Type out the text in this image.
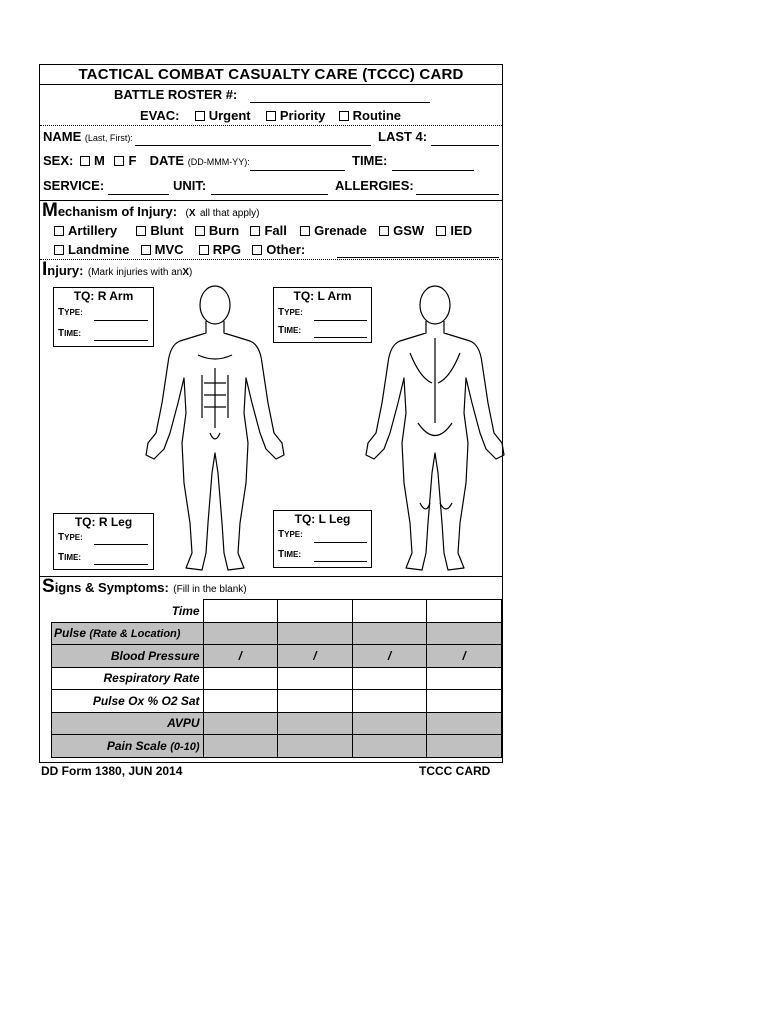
TACTICAL COMBAT CASUALTY CARE (TCCC) CARD
BATTLE ROSTER #:
EVAC: Urgent Priority Routine
NAME (Last, First):	LAST 4:
SEX: M F DATE (DD-MMM-YY):	TIME:
SERVICE:	UNIT:	ALLERGIES:
Mechanism of Injury: (X all that apply)
Artillery	Blunt Burn Fall Grenade GSW IED
Landmine MVC RPG Other:
Injury: (Mark injuries with anX)
TQ: R Arm
TYPE:
TIME:
TQ: L Arm
TYPE:
TIME:
TQ: R Leg
TYPE:
TIME:
TQ: L Leg
TYPE:
TIME:
Signs & Symptoms: (Fill in the blank)
Time				
Pulse (Rate & Location)				
Blood Pressure	/	/	/	/
Respiratory Rate				
Pulse Ox % O2 Sat				
AVPU				
Pain Scale (0-10)				
DD Form 1380, JUN 2014	TCCC CARD
